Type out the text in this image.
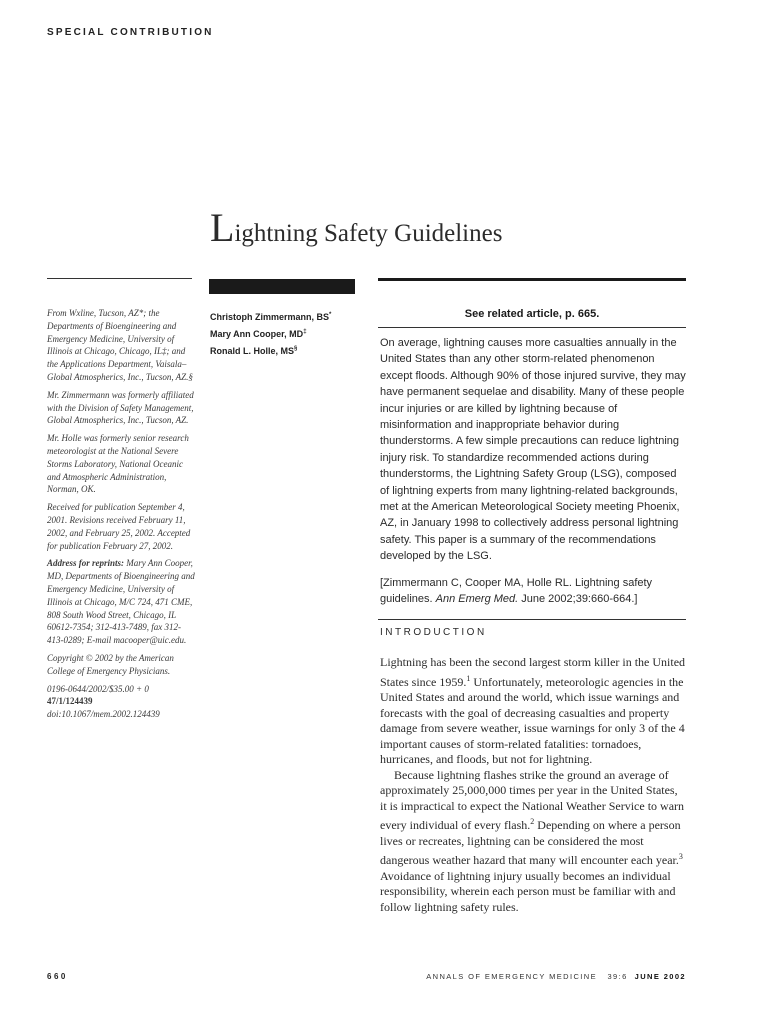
SPECIAL CONTRIBUTION
Lightning Safety Guidelines

From Wxline, Tucson, AZ*; the Departments of Bioengineering and Emergency Medicine, University of Illinois at Chicago, Chicago, IL‡; and the Applications Department, Vaisala–Global Atmospherics, Inc., Tucson, AZ.§

Mr. Zimmermann was formerly affiliated with the Division of Safety Management, Global Atmospherics, Inc., Tucson, AZ.

Mr. Holle was formerly senior research meteorologist at the National Severe Storms Laboratory, National Oceanic and Atmospheric Administration, Norman, OK.

Received for publication September 4, 2001. Revisions received February 11, 2002, and February 25, 2002. Accepted for publication February 27, 2002.

Address for reprints: Mary Ann Cooper, MD, Departments of Bioengineering and Emergency Medicine, University of Illinois at Chicago, M/C 724, 471 CME, 808 South Wood Street, Chicago, IL 60612-7354; 312-413-7489, fax 312-413-0289; E-mail macooper@uic.edu.

Copyright © 2002 by the American College of Emergency Physicians.

0196-0644/2002/$35.00 + 0
47/1/124439
doi:10.1067/mem.2002.124439

Christoph Zimmermann, BS*
Mary Ann Cooper, MD‡
Ronald L. Holle, MS§
See related article, p. 665.
On average, lightning causes more casualties annually in the United States than any other storm-related phenomenon except floods. Although 90% of those injured survive, they may have permanent sequelae and disability. Many of these people incur injuries or are killed by lightning because of misinformation and inappropriate behavior during thunderstorms. A few simple precautions can reduce lightning injury risk. To standardize recommended actions during thunderstorms, the Lightning Safety Group (LSG), composed of lightning experts from many lightning-related backgrounds, met at the American Meteorological Society meeting Phoenix, AZ, in January 1998 to collectively address personal lightning safety. This paper is a summary of the recommendations developed by the LSG.
[Zimmermann C, Cooper MA, Holle RL. Lightning safety guidelines. Ann Emerg Med. June 2002;39:660-664.]
INTRODUCTION

Lightning has been the second largest storm killer in the United States since 1959.$^1$ Unfortunately, meteorologic agencies in the United States and around the world, which issue warnings and forecasts with the goal of decreasing casualties and property damage from severe weather, issue warnings for only 3 of the 4 important causes of storm-related fatalities: tornadoes, hurricanes, and floods, but not for lightning.

Because lightning flashes strike the ground an average of approximately 25,000,000 times per year in the United States, it is impractical to expect the National Weather Service to warn every individual of every flash.$^2$ Depending on where a person lives or recreates, lightning can be considered the most dangerous weather hazard that many will encounter each year.$^3$ Avoidance of lightning injury usually becomes an individual responsibility, wherein each person must be familiar with and follow lightning safety rules.

660	ANNALS OF EMERGENCY MEDICINE 39:6 JUNE 2002
